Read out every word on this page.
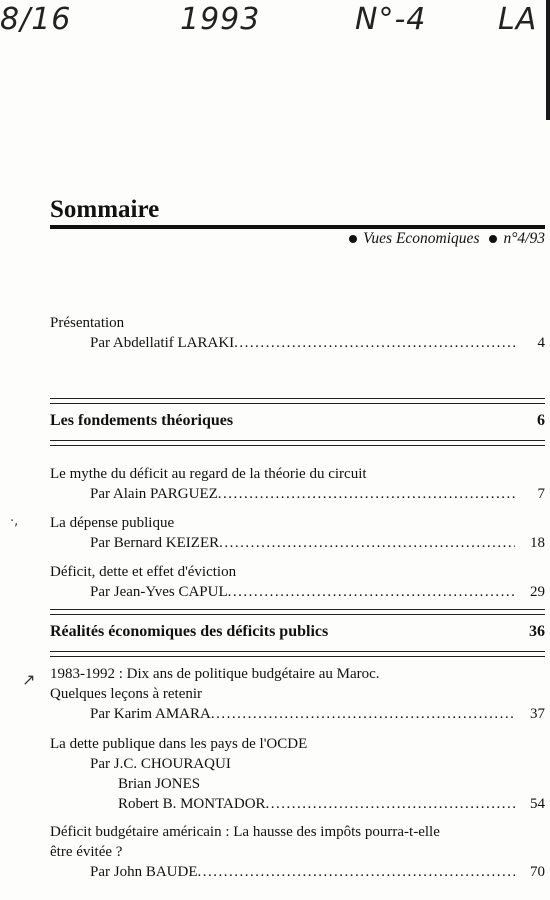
8/16	1993	N°-4 LA
Sommaire
Vues Economiques n°4/93
Présentation
Par Abdellatif LARAKI .....	4
Les fondements théoriques	6
Le mythe du déficit au regard de la théorie du circuit
Par Alain PARGUEZ .....	7
·, La dépense publique
Par Bernard KEIZER .....	18
Déficit, dette et effet d'éviction
Par Jean-Yves CAPUL .....	29
Réalités économiques des déficits publics	36
↗ 1983-1992 : Dix ans de politique budgétaire au Maroc.
Quelques leçons à retenir
Par Karim AMARA .....	37
La dette publique dans les pays de l'OCDE
Par J.C. CHOURAQUI
Brian JONES
Robert B. MONTADOR .....	54
Déficit budgétaire américain : La hausse des impôts pourra-t-elle
être évitée ?
Par John BAUDE .....	70
